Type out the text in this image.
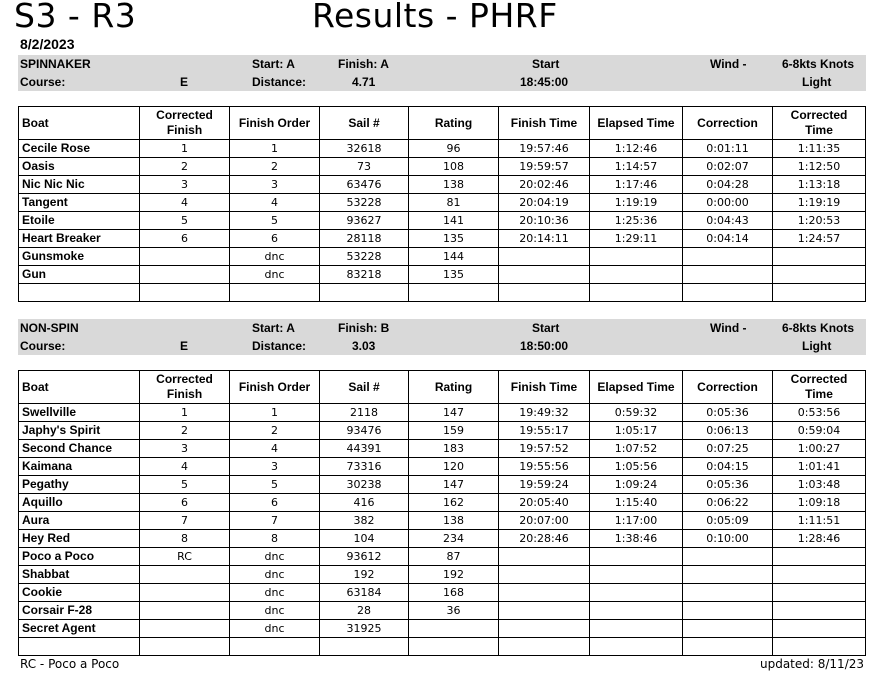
S3 - R3	Results - PHRF
8/2/2023
SPINNAKER	Start: A	Finish: A	Start	Wind -	6-8kts Knots
Course:	E	Distance:	4.71	18:45:00	Light
Boat	Corrected Finish	Finish Order	Sail #	Rating	Finish Time	Elapsed Time	Correction	Corrected Time
Cecile Rose	1	1	32618	96	19:57:46	1:12:46	0:01:11	1:11:35
Oasis	2	2	73	108	19:59:57	1:14:57	0:02:07	1:12:50
Nic Nic Nic	3	3	63476	138	20:02:46	1:17:46	0:04:28	1:13:18
Tangent	4	4	53228	81	20:04:19	1:19:19	0:00:00	1:19:19
Etoile	5	5	93627	141	20:10:36	1:25:36	0:04:43	1:20:53
Heart Breaker	6	6	28118	135	20:14:11	1:29:11	0:04:14	1:24:57
Gunsmoke		dnc	53228	144				
Gun		dnc	83218	135				

NON-SPIN	Start: A	Finish: B	Start	Wind -	6-8kts Knots
Course:	E	Distance:	3.03	18:50:00	Light
Boat	Corrected Finish	Finish Order	Sail #	Rating	Finish Time	Elapsed Time	Correction	Corrected Time
Swellville	1	1	2118	147	19:49:32	0:59:32	0:05:36	0:53:56
Japhy's Spirit	2	2	93476	159	19:55:17	1:05:17	0:06:13	0:59:04
Second Chance	3	4	44391	183	19:57:52	1:07:52	0:07:25	1:00:27
Kaimana	4	3	73316	120	19:55:56	1:05:56	0:04:15	1:01:41
Pegathy	5	5	30238	147	19:59:24	1:09:24	0:05:36	1:03:48
Aquillo	6	6	416	162	20:05:40	1:15:40	0:06:22	1:09:18
Aura	7	7	382	138	20:07:00	1:17:00	0:05:09	1:11:51
Hey Red	8	8	104	234	20:28:46	1:38:46	0:10:00	1:28:46
Poco a Poco	RC	dnc	93612	87				
Shabbat		dnc	192	192				
Cookie		dnc	63184	168				
Corsair F-28		dnc	28	36				
Secret Agent		dnc	31925					

RC - Poco a Poco	updated: 8/11/23
